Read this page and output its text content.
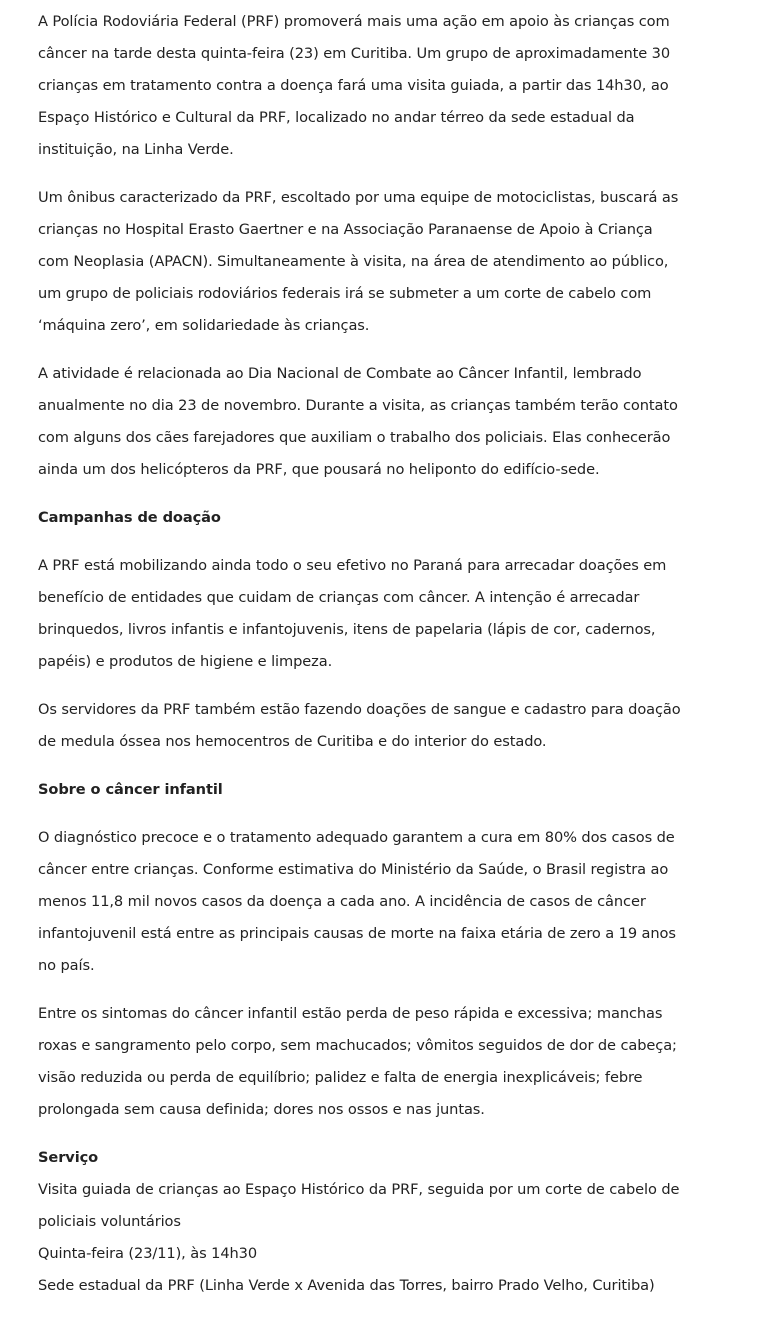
A Polícia Rodoviária Federal (PRF) promoverá mais uma ação em apoio às crianças com câncer na tarde desta quinta-feira (23) em Curitiba. Um grupo de aproximadamente 30 crianças em tratamento contra a doença fará uma visita guiada, a partir das 14h30, ao Espaço Histórico e Cultural da PRF, localizado no andar térreo da sede estadual da instituição, na Linha Verde.

Um ônibus caracterizado da PRF, escoltado por uma equipe de motociclistas, buscará as crianças no Hospital Erasto Gaertner e na Associação Paranaense de Apoio à Criança com Neoplasia (APACN). Simultaneamente à visita, na área de atendimento ao público, um grupo de policiais rodoviários federais irá se submeter a um corte de cabelo com ‘máquina zero’, em solidariedade às crianças.

A atividade é relacionada ao Dia Nacional de Combate ao Câncer Infantil, lembrado anualmente no dia 23 de novembro. Durante a visita, as crianças também terão contato com alguns dos cães farejadores que auxiliam o trabalho dos policiais. Elas conhecerão ainda um dos helicópteros da PRF, que pousará no heliponto do edifício-sede.

Campanhas de doação

A PRF está mobilizando ainda todo o seu efetivo no Paraná para arrecadar doações em benefício de entidades que cuidam de crianças com câncer. A intenção é arrecadar brinquedos, livros infantis e infantojuvenis, itens de papelaria (lápis de cor, cadernos, papéis) e produtos de higiene e limpeza.

Os servidores da PRF também estão fazendo doações de sangue e cadastro para doação de medula óssea nos hemocentros de Curitiba e do interior do estado.

Sobre o câncer infantil

O diagnóstico precoce e o tratamento adequado garantem a cura em 80% dos casos de câncer entre crianças. Conforme estimativa do Ministério da Saúde, o Brasil registra ao menos 11,8 mil novos casos da doença a cada ano. A incidência de casos de câncer infantojuvenil está entre as principais causas de morte na faixa etária de zero a 19 anos no país.

Entre os sintomas do câncer infantil estão perda de peso rápida e excessiva; manchas roxas e sangramento pelo corpo, sem machucados; vômitos seguidos de dor de cabeça; visão reduzida ou perda de equilíbrio; palidez e falta de energia inexplicáveis; febre prolongada sem causa definida; dores nos ossos e nas juntas.

Serviço
Visita guiada de crianças ao Espaço Histórico da PRF, seguida por um corte de cabelo de policiais voluntários
Quinta-feira (23/11), às 14h30
Sede estadual da PRF (Linha Verde x Avenida das Torres, bairro Prado Velho, Curitiba)
